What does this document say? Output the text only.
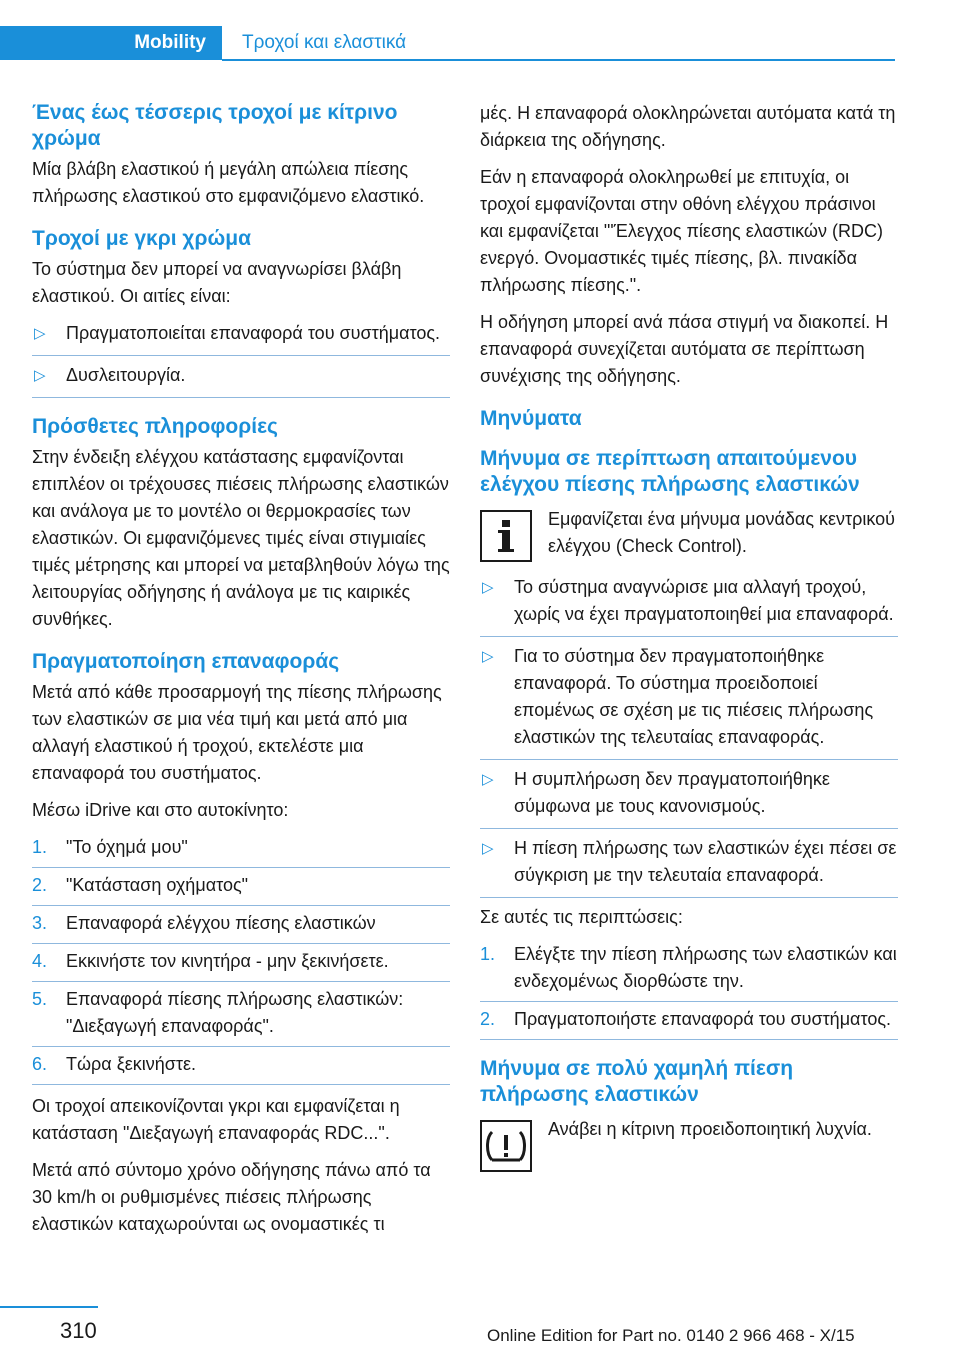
Mobility	Τροχοί και ελαστικά
Ένας έως τέσσερις τροχοί με κίτρινο χρώμα

Μία βλάβη ελαστικού ή μεγάλη απώλεια πίεσης πλήρωσης ελαστικού στο εμφανιζόμενο ελαστικό.

Τροχοί με γκρι χρώμα

Το σύστημα δεν μπορεί να αναγνωρίσει βλάβη ελαστικού. Οι αιτίες είναι:

▷ Πραγματοποιείται επαναφορά του συστήματος.
▷ Δυσλειτουργία.
Πρόσθετες πληροφορίες

Στην ένδειξη ελέγχου κατάστασης εμφανίζονται επιπλέον οι τρέχουσες πιέσεις πλήρωσης ελαστικών και ανάλογα με το μοντέλο οι θερμοκρασίες των ελαστικών. Οι εμφανιζόμενες τιμές είναι στιγμιαίες τιμές μέτρησης και μπορεί να μεταβληθούν λόγω της λειτουργίας οδήγησης ή ανάλογα με τις καιρικές συνθήκες.

Πραγματοποίηση επαναφοράς

Μετά από κάθε προσαρμογή της πίεσης πλήρωσης των ελαστικών σε μια νέα τιμή και μετά από μια αλλαγή ελαστικού ή τροχού, εκτελέστε μια επαναφορά του συστήματος.

Μέσω iDrive και στο αυτοκίνητο:

1. "Το όχημά μου"
2. "Κατάσταση οχήματος"
3. Επαναφορά ελέγχου πίεσης ελαστικών
4. Εκκινήστε τον κινητήρα - μην ξεκινήσετε.
5. Επαναφορά πίεσης πλήρωσης ελαστικών: "Διεξαγωγή επαναφοράς".
6. Τώρα ξεκινήστε.

Οι τροχοί απεικονίζονται γκρι και εμφανίζεται η κατάσταση "Διεξαγωγή επαναφοράς RDC...".

Μετά από σύντομο χρόνο οδήγησης πάνω από τα 30 km/h οι ρυθμισμένες πιέσεις πλήρωσης ελαστικών καταχωρούνται ως ονομαστικές τι

μές. Η επαναφορά ολοκληρώνεται αυτόματα κατά τη διάρκεια της οδήγησης.

Εάν η επαναφορά ολοκληρωθεί με επιτυχία, οι τροχοί εμφανίζονται στην οθόνη ελέγχου πράσινοι και εμφανίζεται "'Έλεγχος πίεσης ελαστικών (RDC) ενεργό. Ονομαστικές τιμές πίεσης, βλ. πινακίδα πλήρωσης πίεσης.".

Η οδήγηση μπορεί ανά πάσα στιγμή να διακοπεί. Η επαναφορά συνεχίζεται αυτόματα σε περίπτωση συνέχισης της οδήγησης.

Μηνύματα
Μήνυμα σε περίπτωση απαιτούμενου ελέγχου πίεσης πλήρωσης ελαστικών
Εμφανίζεται ένα μήνυμα μονάδας κεντρικού ελέγχου (Check Control).
▷ Το σύστημα αναγνώρισε μια αλλαγή τροχού, χωρίς να έχει πραγματοποιηθεί μια επαναφορά.
▷ Για το σύστημα δεν πραγματοποιήθηκε επαναφορά. Το σύστημα προειδοποιεί επομένως σε σχέση με τις πιέσεις πλήρωσης ελαστικών της τελευταίας επαναφοράς.
▷ Η συμπλήρωση δεν πραγματοποιήθηκε σύμφωνα με τους κανονισμούς.
▷ Η πίεση πλήρωσης των ελαστικών έχει πέσει σε σύγκριση με την τελευταία επαναφορά.

Σε αυτές τις περιπτώσεις:

1. Ελέγξτε την πίεση πλήρωσης των ελαστικών και ενδεχομένως διορθώστε την.
2. Πραγματοποιήστε επαναφορά του συστήματος.
Μήνυμα σε πολύ χαμηλή πίεση πλήρωσης ελαστικών
Ανάβει η κίτρινη προειδοποιητική λυχνία.
310	Online Edition for Part no. 0140 2 966 468 - X/15
